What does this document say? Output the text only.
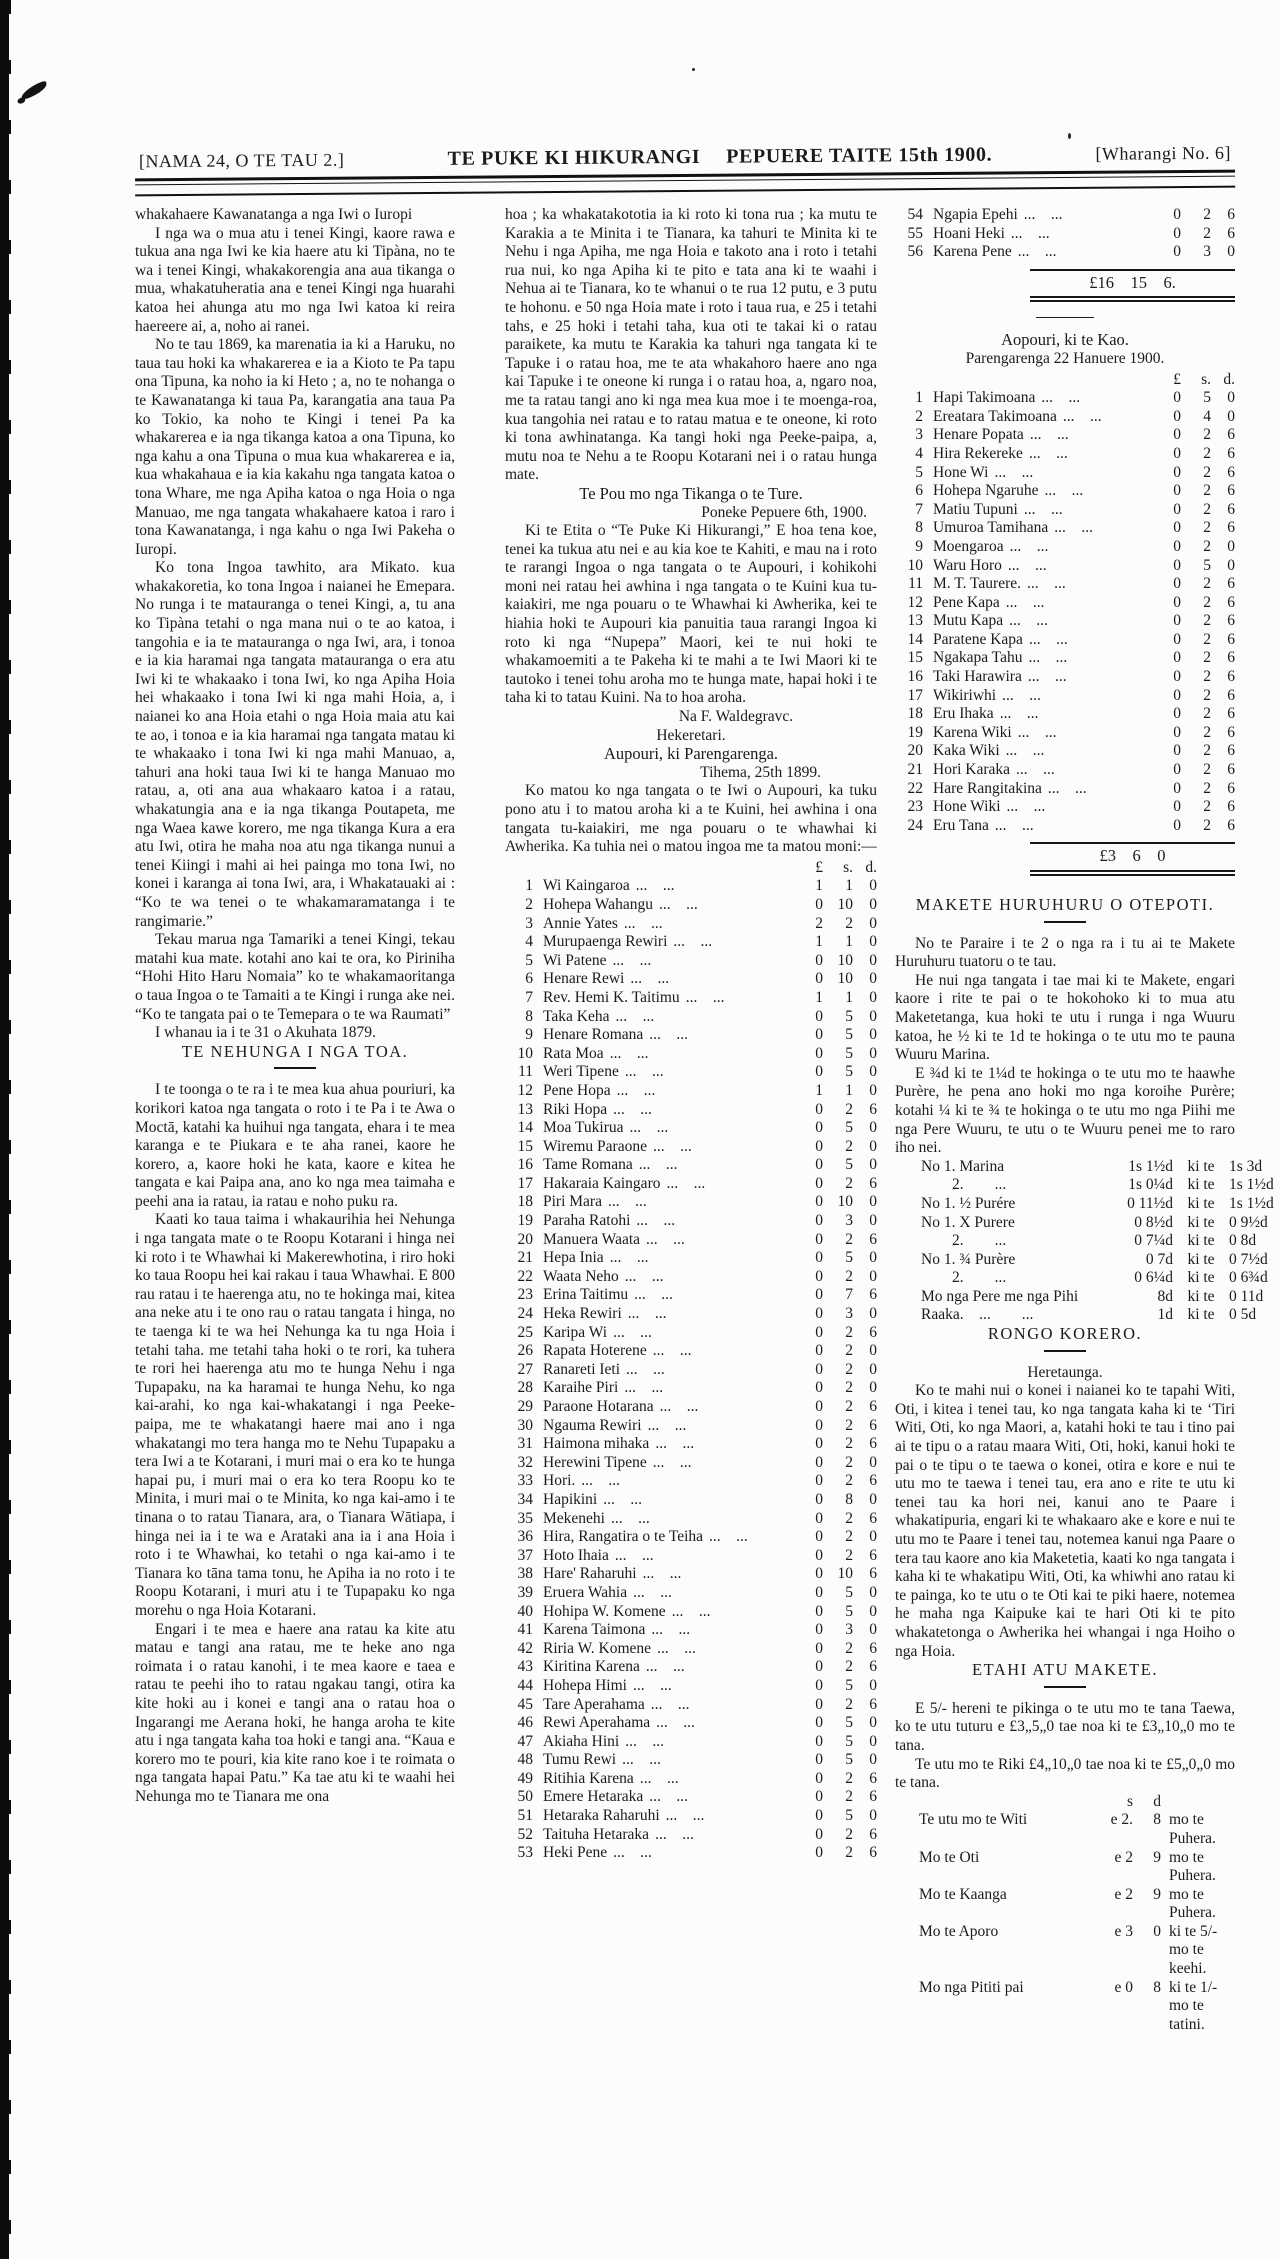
[NAMA 24, O TE TAU 2.]	TE PUKE KI HIKURANGI PEPUERE TAITE 15th 1900.	[Wharangi No. 6]

whakahaere Kawanatanga a nga Iwi o Iuropi

I nga wa o mua atu i tenei Kingi, kaore rawa e tukua ana nga Iwi ke kia haere atu ki Tipàna, no te wa i tenei Kingi, whakakorengia ana aua tikanga o mua, whakatuheratia ana e tenei Kingi nga huarahi katoa hei ahunga atu mo nga Iwi katoa ki reira haereere ai, a, noho ai ranei.

No te tau 1869, ka marenatia ia ki a Haruku, no taua tau hoki ka whakarerea e ia a Kioto te Pa tapu ona Tipuna, ka noho ia ki Heto ; a, no te nohanga o te Kawanatanga ki taua Pa, karangatia ana taua Pa ko Tokio, ka noho te Kingi i tenei Pa ka whakarerea e ia nga tikanga katoa a ona Tipuna, ko nga kahu a ona Tipuna o mua kua whakarerea e ia, kua whakahaua e ia kia kakahu nga tangata katoa o tona Whare, me nga Apiha katoa o nga Hoia o nga Manuao, me nga tangata whakahaere katoa i raro i tona Kawanatanga, i nga kahu o nga Iwi Pakeha o Iuropi.

Ko tona Ingoa tawhito, ara Mikato. kua whakakoretia, ko tona Ingoa i naianei he Emepara. No runga i te matauranga o tenei Kingi, a, tu ana ko Tipàna tetahi o nga mana nui o te ao katoa, i tangohia e ia te matauranga o nga Iwi, ara, i tonoa e ia kia haramai nga tangata matauranga o era atu Iwi ki te whakaako i tona Iwi, ko nga Apiha Hoia hei whakaako i tona Iwi ki nga mahi Hoia, a, i naianei ko ana Hoia etahi o nga Hoia maia atu kai te ao, i tonoa e ia kia haramai nga tangata matau ki te whakaako i tona Iwi ki nga mahi Manuao, a, tahuri ana hoki taua Iwi ki te hanga Manuao mo ratau, a, oti ana aua whakaaro katoa i a ratau, whakatungia ana e ia nga tikanga Poutapeta, me nga Waea kawe korero, me nga tikanga Kura a era atu Iwi, otira he maha noa atu nga tikanga nunui a tenei Kiingi i mahi ai hei painga mo tona Iwi, no konei i karanga ai tona Iwi, ara, i Whakatauaki ai : “Ko te wa tenei o te whakamaramatanga i te rangimarie.”

Tekau marua nga Tamariki a tenei Kingi, tekau matahi kua mate. kotahi ano kai te ora, ko Piriniha “Hohi Hito Haru Nomaia” ko te whakamaoritanga o taua Ingoa o te Tamaiti a te Kingi i runga ake nei. “Ko te tangata pai o te Temepara o te wa Raumati”

I whanau ia i te 31 o Akuhata 1879.

TE NEHUNGA I NGA TOA.

I te toonga o te ra i te mea kua ahua pouriuri, ka korikori katoa nga tangata o roto i te Pa i te Awa o Moctā, katahi ka huihui nga tangata, ehara i te mea karanga e te Piukara e te aha ranei, kaore he korero, a, kaore hoki he kata, kaore e kitea he tangata e kai Paipa ana, ano ko nga mea taimaha e peehi ana ia ratau, ia ratau e noho puku ra.

Kaati ko taua taima i whakaurihia hei Nehunga i nga tangata mate o te Roopu Kotarani i hinga nei ki roto i te Whawhai ki Makerewhotina, i riro hoki ko taua Roopu hei kai rakau i taua Whawhai. E 800 rau ratau i te haerenga atu, no te hokinga mai, kitea ana neke atu i te ono rau o ratau tangata i hinga, no te taenga ki te wa hei Nehunga ka tu nga Hoia i tetahi taha. me tetahi taha hoki o te rori, ka tuhera te rori hei haerenga atu mo te hunga Nehu i nga Tupapaku, na ka haramai te hunga Nehu, ko nga kai-arahi, ko nga kai-whakatangi i nga Peeke-paipa, me te whakatangi haere mai ano i nga whakatangi mo tera hanga mo te Nehu Tupapaku a tera Iwi a te Kotarani, i muri mai o era ko te hunga hapai pu, i muri mai o era ko tera Roopu ko te Minita, i muri mai o te Minita, ko nga kai-amo i te tinana o to ratau Tianara, ara, o Tianara Wātiapa, i hinga nei ia i te wa e Arataki ana ia i ana Hoia i roto i te Whawhai, ko tetahi o nga kai-amo i te Tianara ko tāna tama tonu, he Apiha ia no roto i te Roopu Kotarani, i muri atu i te Tupapaku ko nga morehu o nga Hoia Kotarani.

Engari i te mea e haere ana ratau ka kite atu matau e tangi ana ratau, me te heke ano nga roimata i o ratau kanohi, i te mea kaore e taea e ratau te peehi iho to ratau ngakau tangi, otira ka kite hoki au i konei e tangi ana o ratau hoa o Ingarangi me Aerana hoki, he hanga aroha te kite atu i nga tangata kaha toa hoki e tangi ana. “Kaua e korero mo te pouri, kia kite rano koe i te roimata o nga tangata hapai Patu.” Ka tae atu ki te waahi hei Nehunga mo te Tianara me ona

hoa ; ka whakatakototia ia ki roto ki tona rua ; ka mutu te Karakia a te Minita i te Tianara, ka tahuri te Minita ki te Nehu i nga Apiha, me nga Hoia e takoto ana i roto i tetahi rua nui, ko nga Apiha ki te pito e tata ana ki te waahi i Nehua ai te Tianara, ko te whanui o te rua 12 putu, e 3 putu te hohonu. e 50 nga Hoia mate i roto i taua rua, e 25 i tetahi tahs, e 25 hoki i tetahi taha, kua oti te takai ki o ratau paraikete, ka mutu te Karakia ka tahuri nga tangata ki te Tapuke i o ratau hoa, me te ata whakahoro haere ano nga kai Tapuke i te oneone ki runga i o ratau hoa, a, ngaro noa, me ta ratau tangi ano ki nga mea kua moe i te moenga-roa, kua tangohia nei ratau e to ratau matua e te oneone, ki roto ki tona awhinatanga. Ka tangi hoki nga Peeke-paipa, a, mutu noa te Nehu a te Roopu Kotarani nei i o ratau hunga mate.

Te Pou mo nga Tikanga o te Ture.

Poneke Pepuere 6th, 1900.

Ki te Etita o “Te Puke Ki Hikurangi,” E hoa tena koe, tenei ka tukua atu nei e au kia koe te Kahiti, e mau na i roto te rarangi Ingoa o nga tangata o te Aupouri, i kohikohi moni nei ratau hei awhina i nga tangata o te Kuini kua tu-kaiakiri, me nga pouaru o te Whawhai ki Awherika, kei te hiahia hoki te Aupouri kia panuitia taua rarangi Ingoa ki roto ki nga “Nupepa” Maori, kei te nui hoki te whakamoemiti a te Pakeha ki te mahi a te Iwi Maori ki te tautoko i tenei tohu aroha mo te hunga mate, hapai hoki i te taha ki to tatau Kuini. Na to hoa aroha.

Na F. Waldegravc.

Hekeretari.

Aupouri, ki Parengarenga.

Tihema, 25th 1899.

Ko matou ko nga tangata o te Iwi o Aupouri, ka tuku pono atu i to matou aroha ki a te Kuini, hei awhina i ona tangata tu-kaiakiri, me nga pouaru o te whawhai ki Awherika. Ka tuhia nei o matou ingoa me ta matou moni:—

£	s. d.
1 Wi Kaingaroa ...  ...	1	1	0
2 Hohepa Wahangu ...  ...	0 10	0
3 Annie Yates ...  ...	2	2	0
4 Murupaenga Rewiri ...  ...	1	1	0
5 Wi Patene ...  ...	0 10	0
6 Henare Rewi ...  ...	0 10	0
7 Rev. Hemi K. Taitimu ...  ...	1	1	0
8 Taka Keha ...  ...	0	5	0
9 Henare Romana ...  ...	0	5	0
10 Rata Moa ...  ...	0	5	0
11 Weri Tipene ...  ...	0	5	0
12 Pene Hopa ...  ...	1	1	0
13 Riki Hopa ...  ...	0	2	6
14 Moa Tukirua ...  ...	0	5	0
15 Wiremu Paraone ...  ...	0	2	0
16 Tame Romana ...  ...	0	5	0
17 Hakaraia Kaingaro ...  ...	0	2	6
18 Piri Mara ...  ...	0 10	0
19 Paraha Ratohi ...  ...	0	3	0
20 Manuera Waata ...  ...	0	2	6
21 Hepa Inia ...  ...	0	5	0
22 Waata Neho ...  ...	0	2	0
23 Erina Taitimu ...  ...	0	7	6
24 Heka Rewiri ...  ...	0	3	0
25 Karipa Wi ...  ...	0	2	6
26 Rapata Hoterene ...  ...	0	2	0
27 Ranareti Ieti ...  ...	0	2	0
28 Karaihe Piri ...  ...	0	2	0
29 Paraone Hotarana ...  ...	0	2	6
30 Ngauma Rewiri ...  ...	0	2	6
31 Haimona mihaka ...  ...	0	2	6
32 Herewini Tipene ...  ...	0	2	0
33 Hori. ...  ...	0	2	6
34 Hapikini ...  ...	0	8	0
35 Mekenehi ...  ...	0	2	6
36 Hira, Rangatira o te Teiha ...  ...	0	2	0
37 Hoto Ihaia ...  ...	0	2	6
38 Hare' Raharuhi ...  ...	0 10	6
39 Eruera Wahia ...  ...	0	5	0
40 Hohipa W. Komene ...  ...	0	5	0
41 Karena Taimona ...  ...	0	3	0
42 Riria W. Komene ...  ...	0	2	6
43 Kiritina Karena ...  ...	0	2	6
44 Hohepa Himi ...  ...	0	5	0
45 Tare Aperahama ...  ...	0	2	6
46 Rewi Aperahama ...  ...	0	5	0
47 Akiaha Hini ...  ...	0	5	0
48 Tumu Rewi ...  ...	0	5	0
49 Ritihia Karena ...  ...	0	2	6
50 Emere Hetaraka ...  ...	0	2	6
51 Hetaraka Raharuhi ...  ...	0	5	0
52 Taituha Hetaraka ...  ...	0	2	6
53 Heki Pene ...  ...	0	2	6
54 Ngapia Epehi ...  ...	0	2	6
55 Hoani Heki ...  ...	0	2	6
56 Karena Pene ...  ...	0	3	0
£16 15 6.

Aopouri, ki te Kao.

Parengarenga 22 Hanuere 1900.

£	s. d.
1 Hapi Takimoana ...  ...	0	5	0
2 Ereatara Takimoana ...  ...	0	4	0
3 Henare Popata ...  ...	0	2	6
4 Hira Rekereke ...  ...	0	2	6
5 Hone Wi ...  ...	0	2	6
6 Hohepa Ngaruhe ...  ...	0	2	6
7 Matiu Tupuni ...  ...	0	2	6
8 Umuroa Tamihana ...  ...	0	2	6
9 Moengaroa ...  ...	0	2	0
10 Waru Horo ...  ...	0	5	0
11 M. T. Taurere. ...  ...	0	2	6
12 Pene Kapa ...  ...	0	2	6
13 Mutu Kapa ...  ...	0	2	6
14 Paratene Kapa ...  ...	0	2	6
15 Ngakapa Tahu ...  ...	0	2	6
16 Taki Harawira ...  ...	0	2	6
17 Wikiriwhi ...  ...	0	2	6
18 Eru Ihaka ...  ...	0	2	6
19 Karena Wiki ...  ...	0	2	6
20 Kaka Wiki ...  ...	0	2	6
21 Hori Karaka ...  ...	0	2	6
22 Hare Rangitakina ...  ...	0	2	6
23 Hone Wiki ...  ...	0	2	6
24 Eru Tana ...  ...	0	2	6
£3 6 0

MAKETE HURUHURU O OTEPOTI.

No te Paraire i te 2 o nga ra i tu ai te Makete Huruhuru tuatoru o te tau.

He nui nga tangata i tae mai ki te Makete, engari kaore i rite te pai o te hokohoko ki to mua atu Maketetanga, kua hoki te utu i runga i nga Wuuru katoa, he ½ ki te 1d te hokinga o te utu mo te pauna Wuuru Marina.

E ¾d ki te 1¼d te hokinga o te utu mo te haawhe Purère, he pena ano hoki mo nga koroihe Purère; kotahi ¼ ki te ¾ te hokinga o te utu mo nga Piihi me nga Pere Wuuru, te utu o te Wuuru penei me to raro iho nei.

No 1. Marina	1s 1½d ki te 1s 3d
  2.  ...	1s 0¼d ki te 1s 1½d
No 1. ½ Purére	0 11½d ki te 1s 1½d
No 1. X Purere	0 8½d ki te 0 9½d
  2.  ...	0 7¼d ki te 0 8d
No 1. ¾ Purère	0 7d ki te 0 7½d
  2.  ...	0 6¼d ki te 0 6¾d
Mo nga Pere me nga Pihi	8d ki te 0 11d
Raaka. ...  ...	1d ki te 0 5d

RONGO KORERO.

Heretaunga.

Ko te mahi nui o konei i naianei ko te tapahi Witi, Oti, i kitea i tenei tau, ko nga tangata kaha ki te ‘Tiri Witi, Oti, ko nga Maori, a, katahi hoki te tau i tino pai ai te tipu o a ratau maara Witi, Oti, hoki, kanui hoki te pai o te tipu o te taewa o konei, otira e kore e nui te utu mo te taewa i tenei tau, era ano e rite te utu ki tenei tau ka hori nei, kanui ano te Paare i whakatipuria, engari ki te whakaaro ake e kore e nui te utu mo te Paare i tenei tau, notemea kanui nga Paare o tera tau kaore ano kia Maketetia, kaati ko nga tangata i kaha ki te whakatipu Witi, Oti, ka whiwhi ano ratau ki te painga, ko te utu o te Oti kai te piki haere, notemea he maha nga Kaipuke kai te hari Oti ki te pito whakatetonga o Awherika hei whangai i nga Hoiho o nga Hoia.

ETAHI ATU MAKETE.

E 5/- hereni te pikinga o te utu mo te tana Taewa, ko te utu tuturu e £3„5„0 tae noa ki te £3„10„0 mo te tana.

Te utu mo te Riki £4„10„0 tae noa ki te £5„0„0 mo te tana.

s	d
Te utu mo te Witi	e 2.	8 mo te Puhera.
Mo te Oti	e 2	9 mo te Puhera.
Mo te Kaanga	e 2	9 mo te Puhera.
Mo te Aporo	e 3	0 ki te 5/- mo te keehi.
Mo nga Pititi pai	e 0	8 ki te 1/- mo te tatini.
